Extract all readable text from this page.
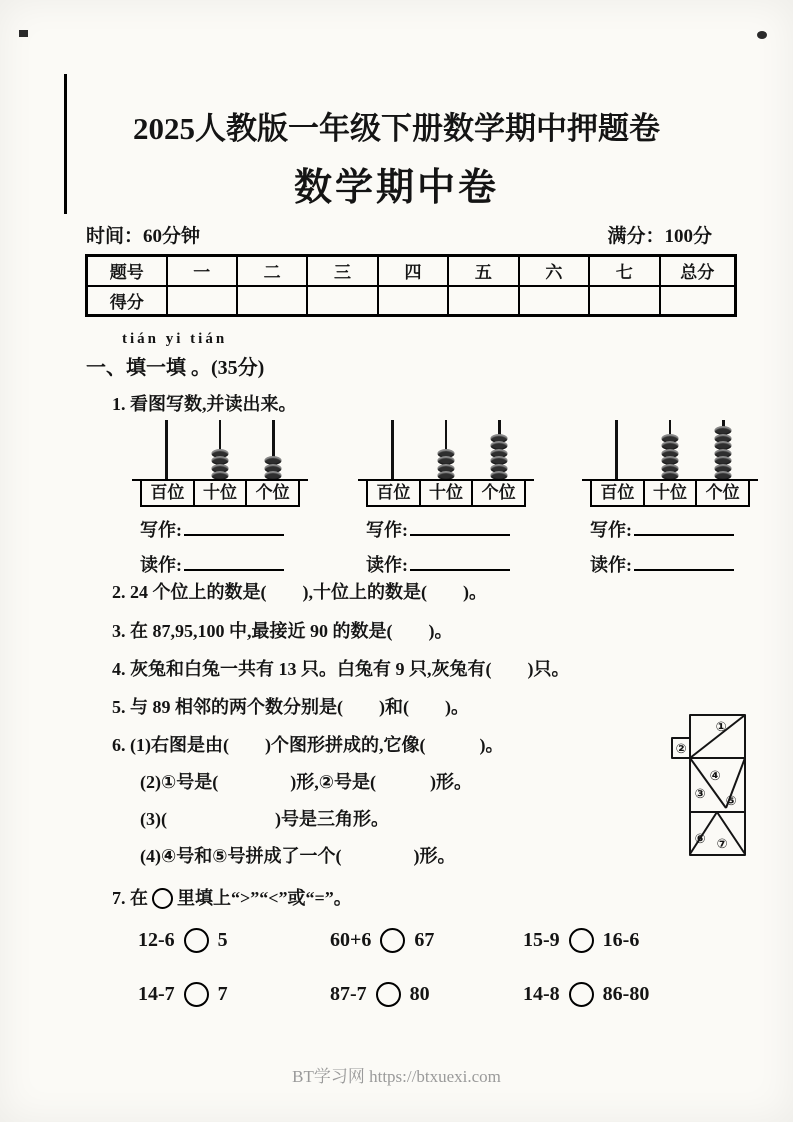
2025人教版一年级下册数学期中押题卷
数学期中卷
时间：60分钟	满分：100分
题号	一	二	三	四	五	六	七	总分
得分								
tián yi tián
一、填一填 。(35分)
1. 看图写数,并读出来。
百位	十位	个位
写作:
读作:
百位	十位	个位
写作:
读作:
百位	十位	个位
写作:
读作:
2. 24 个位上的数是(　　),十位上的数是(　　)。
3. 在 87,95,100 中,最接近 90 的数是(　　)。
4. 灰兔和白兔一共有 13 只。白兔有 9 只,灰兔有(　　)只。
5. 与 89 相邻的两个数分别是(　　)和(　　)。
6. (1)右图是由(　　)个图形拼成的,它像(　　　)。
(2)①号是(　　　　)形,②号是(　　　)形。
(3)(　　　　　　)号是三角形。
(4)④号和⑤号拼成了一个(　　　　)形。
①
②
③
④
⑤
⑥ ⑦
7. 在 里填上“>”“<”或“=”。
12-6 5	60+6 67	15-9 16-6
14-7 7	87-7 80	14-8 86-80
BT学习网 https://btxuexi.com
